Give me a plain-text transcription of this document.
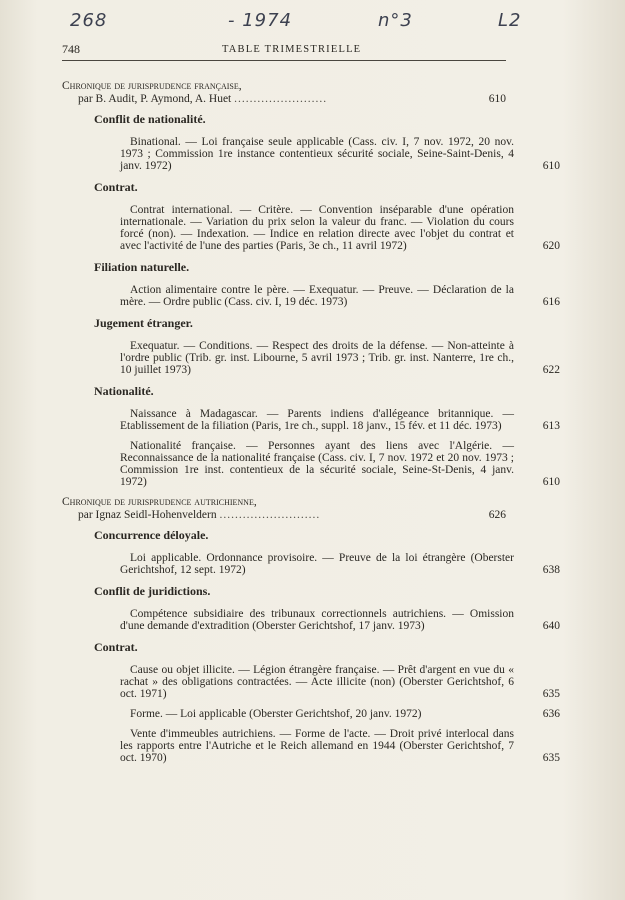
268	- 1974	n°3	L2
748	TABLE TRIMESTRIELLE
Chronique de jurisprudence française,
par B. Audit, P. Aymond, A. Huet ........................	610
Conflit de nationalité.
Binational. — Loi française seule applicable (Cass. civ. I, 7 nov. 1972, 20 nov. 1973 ; Commission 1re instance contentieux sécurité sociale, Seine-Saint-Denis, 4 janv. 1972)	610
Contrat.
Contrat international. — Critère. — Convention inséparable d'une opération internationale. — Variation du prix selon la valeur du franc. — Violation du cours forcé (non). — Indexation. — Indice en relation directe avec l'objet du contrat et avec l'activité de l'une des parties (Paris, 3e ch., 11 avril 1972)	620
Filiation naturelle.
Action alimentaire contre le père. — Exequatur. — Preuve. — Déclaration de la mère. — Ordre public (Cass. civ. I, 19 déc. 1973)	616
Jugement étranger.
Exequatur. — Conditions. — Respect des droits de la défense. — Non-atteinte à l'ordre public (Trib. gr. inst. Libourne, 5 avril 1973 ; Trib. gr. inst. Nanterre, 1re ch., 10 juillet 1973)	622
Nationalité.
Naissance à Madagascar. — Parents indiens d'allégeance britannique. — Etablissement de la filiation (Paris, 1re ch., suppl. 18 janv., 15 fév. et 11 déc. 1973)	613
Nationalité française. — Personnes ayant des liens avec l'Algérie. — Reconnaissance de la nationalité française (Cass. civ. I, 7 nov. 1972 et 20 nov. 1973 ; Commission 1re inst. contentieux de la sécurité sociale, Seine-St-Denis, 4 janv. 1972)	610
Chronique de jurisprudence autrichienne,
par Ignaz Seidl-Hohenveldern ..........................	626
Concurrence déloyale.
Loi applicable. Ordonnance provisoire. — Preuve de la loi étrangère (Oberster Gerichtshof, 12 sept. 1972)	638
Conflit de juridictions.
Compétence subsidiaire des tribunaux correctionnels autrichiens. — Omission d'une demande d'extradition (Oberster Gerichtshof, 17 janv. 1973)	640
Contrat.
Cause ou objet illicite. — Légion étrangère française. — Prêt d'argent en vue du « rachat » des obligations contractées. — Acte illicite (non) (Oberster Gerichtshof, 6 oct. 1971)	635
Forme. — Loi applicable (Oberster Gerichtshof, 20 janv. 1972)	636
Vente d'immeubles autrichiens. — Forme de l'acte. — Droit privé interlocal dans les rapports entre l'Autriche et le Reich allemand en 1944 (Oberster Gerichtshof, 7 oct. 1970)	635
